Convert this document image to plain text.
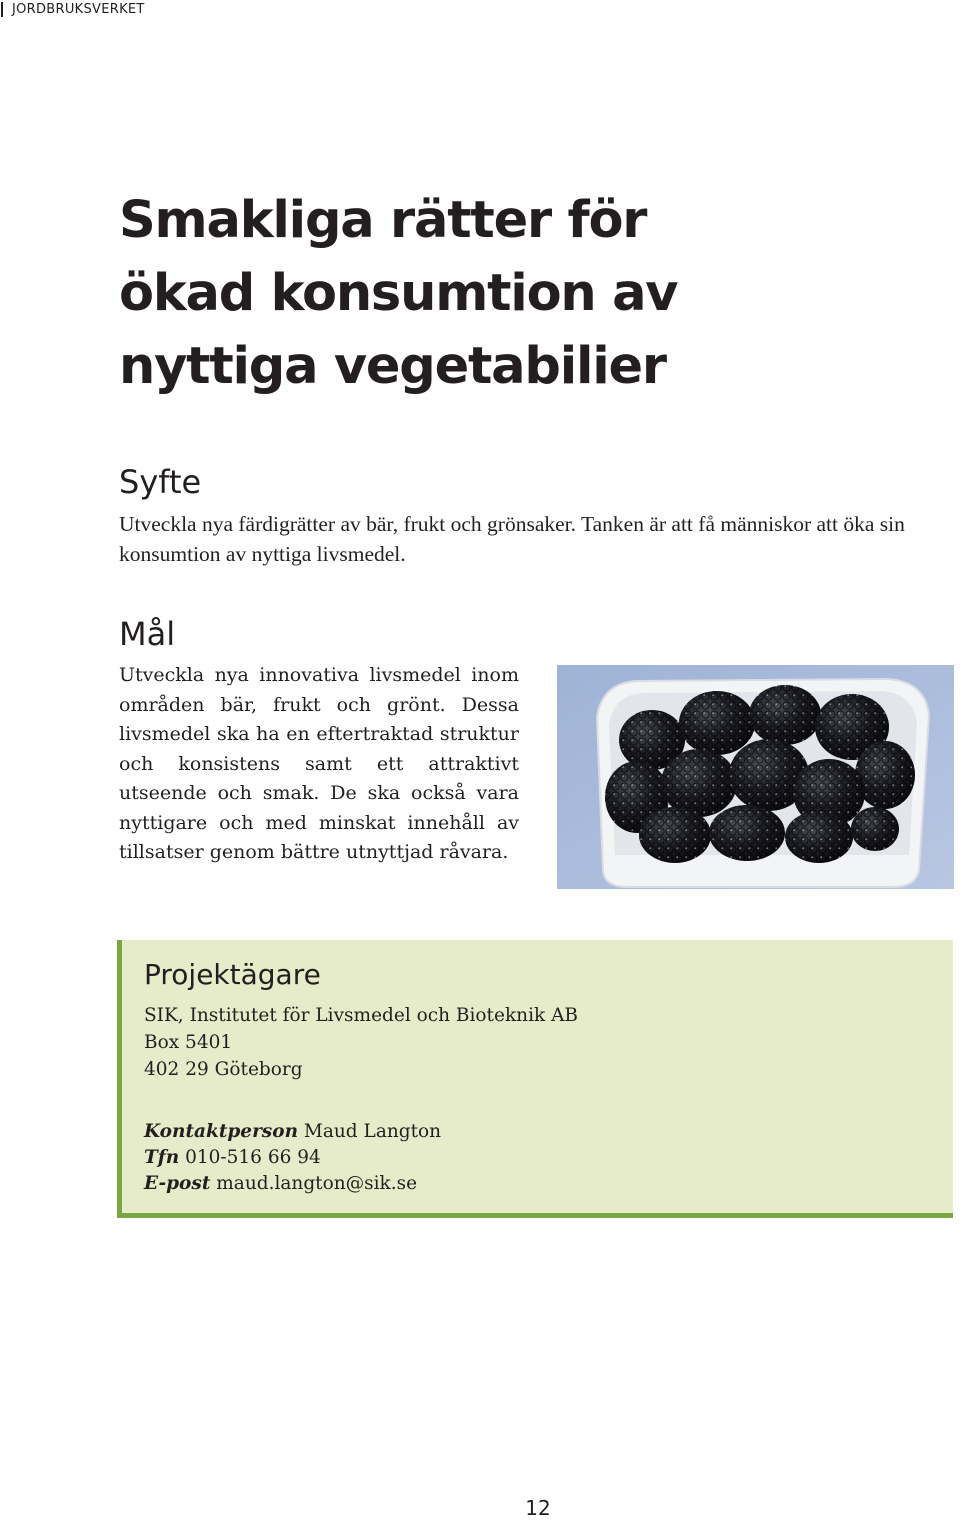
JORDBRUKSVERKET
Smakliga rätter för
ökad konsumtion av
nyttiga vegetabilier
Syfte

Utveckla nya färdigrätter av bär, frukt och grönsaker. Tanken är att få människor att öka sin konsumtion av nyttiga livsmedel.

Mål

Utveckla nya innovativa livsmedel inom områden bär, frukt och grönt. Dessa livsmedel ska ha en eftertraktad struktur och konsistens samt ett attraktivt utseende och smak. De ska också vara nyttigare och med minskat innehåll av tillsatser genom bättre utnyttjad råvara.

Projektägare
SIK, Institutet för Livsmedel och Bioteknik AB
Box 5401
402 29 Göteborg
Kontaktperson Maud Langton
Tfn 010-516 66 94
E-post maud.langton@sik.se
12
